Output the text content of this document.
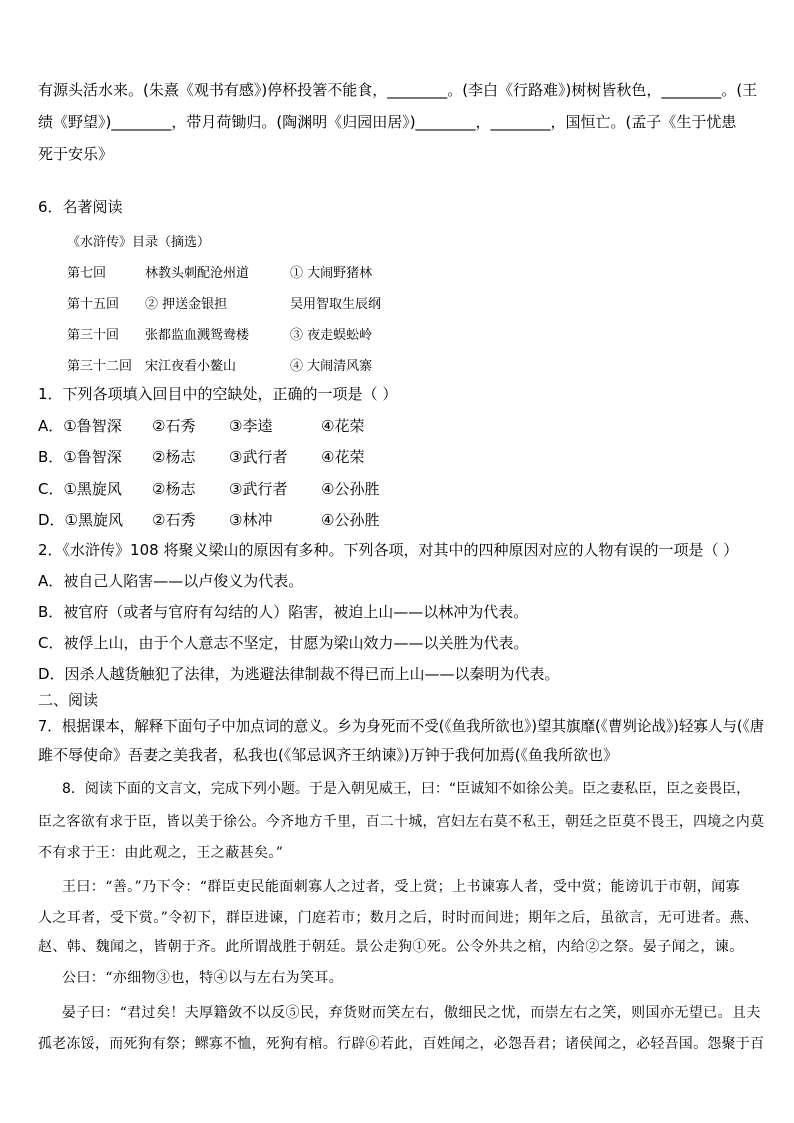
有源头活水来。(朱熹《观书有感》)停杯投箸不能食，________。(李白《行路难》)树树皆秋色，________。(王
绩《野望》)________，带月荷锄归。(陶渊明《归园田居》)________，________，国恒亡。(孟子《生于忧患
死于安乐》
6．名著阅读
《水浒传》目录（摘选）
第七回	林教头刺配沧州道	① 大闹野猪林
第十五回 ② 押送金银担	吴用智取生辰纲
第三十回 张都监血溅鸳鸯楼	③ 夜走蜈蚣岭
第三十二回 宋江夜看小鳌山	④ 大闹清风寨
1．下列各项填入回目中的空缺处，正确的一项是（ ）
A．①鲁智深 ②石秀 ③李逵	④花荣
B．①鲁智深 ②杨志 ③武行者 ④花荣
C．①黑旋风 ②杨志 ③武行者 ④公孙胜
D．①黑旋风 ②石秀 ③林冲	④公孙胜
2．《水浒传》108 将聚义梁山的原因有多种。下列各项，对其中的四种原因对应的人物有误的一项是（ ）
A．被自己人陷害——以卢俊义为代表。
B．被官府（或者与官府有勾结的人）陷害，被迫上山——以林冲为代表。
C．被俘上山，由于个人意志不坚定，甘愿为梁山效力——以关胜为代表。
D．因杀人越货触犯了法律，为逃避法律制裁不得已而上山——以秦明为代表。
二、阅读
7．根据课本，解释下面句子中加点词的意义。乡为身死而不受(《鱼我所欲也》)望其旗靡(《曹刿论战》)轻寡人与(《唐
雎不辱使命》吾妻之美我者，私我也(《邹忌讽齐王纳谏》)万钟于我何加焉(《鱼我所欲也》
8．阅读下面的文言文，完成下列小题。于是入朝见威王，曰：“臣诚知不如徐公美。臣之妻私臣，臣之妾畏臣，
臣之客欲有求于臣，皆以美于徐公。今齐地方千里，百二十城，宫妇左右莫不私王，朝廷之臣莫不畏王，四境之内莫
不有求于王：由此观之，王之蔽甚矣。”
王曰：“善。”乃下令：“群臣吏民能面刺寡人之过者，受上赏；上书谏寡人者，受中赏；能谤讥于市朝，闻寡
人之耳者，受下赏。”令初下，群臣进谏，门庭若市；数月之后，时时而间进；期年之后，虽欲言，无可进者。燕、
赵、韩、魏闻之，皆朝于齐。此所谓战胜于朝廷。景公走狗①死。公令外共之棺，内给②之祭。晏子闻之，谏。
公曰：“亦细物③也，特④以与左右为笑耳。
晏子曰：“君过矣！夫厚籍敛不以反⑤民，弃货财而笑左右，傲细民之忧，而崇左右之笑，则国亦无望已。且夫
孤老冻馁，而死狗有祭；鳏寡不恤，死狗有棺。行辟⑥若此，百姓闻之，必怨吾君；诸侯闻之，必轻吾国。怨聚于百
